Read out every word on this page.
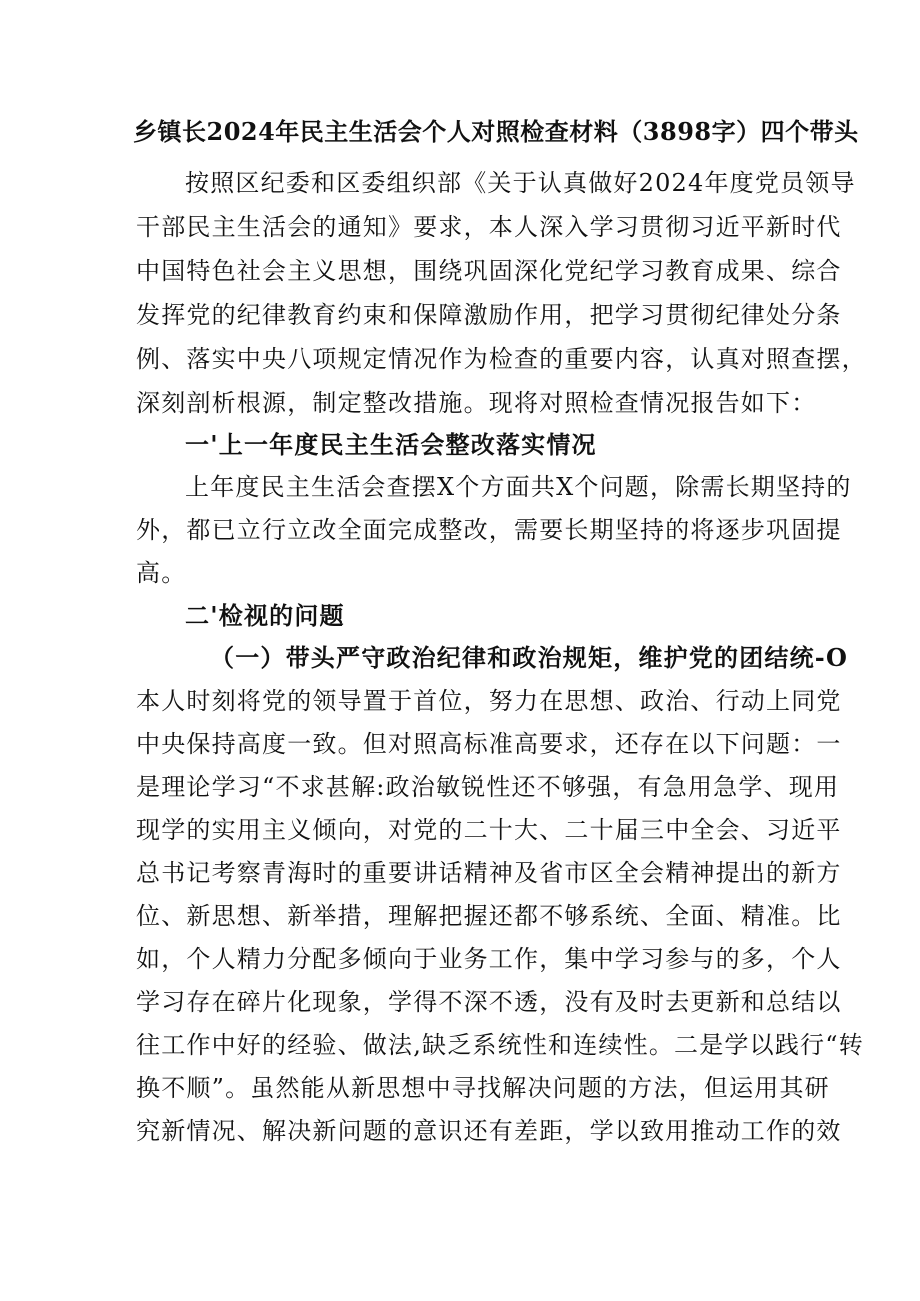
乡镇长2024年民主生活会个人对照检查材料（3898字）四个带头
按照区纪委和区委组织部《关于认真做好2024年度党员领导
干部民主生活会的通知》要求，本人深入学习贯彻习近平新时代
中国特色社会主义思想，围绕巩固深化党纪学习教育成果、综合
发挥党的纪律教育约束和保障激励作用，把学习贯彻纪律处分条
例、落实中央八项规定情况作为检查的重要内容，认真对照查摆，
深刻剖析根源，制定整改措施。现将对照检查情况报告如下：
一'上一年度民主生活会整改落实情况
上年度民主生活会查摆X个方面共X个问题，除需长期坚持的
外，都已立行立改全面完成整改，需要长期坚持的将逐步巩固提
高。
二'检视的问题
（一）带头严守政治纪律和政治规矩，维护党的团结统-O
本人时刻将党的领导置于首位，努力在思想、政治、行动上同党
中央保持高度一致。但对照高标准高要求，还存在以下问题：一
是理论学习“不求甚解:政治敏锐性还不够强，有急用急学、现用
现学的实用主义倾向，对党的二十大、二十届三中全会、习近平
总书记考察青海时的重要讲话精神及省市区全会精神提出的新方
位、新思想、新举措，理解把握还都不够系统、全面、精准。比
如，个人精力分配多倾向于业务工作，集中学习参与的多，个人
学习存在碎片化现象，学得不深不透，没有及时去更新和总结以
往工作中好的经验、做法,缺乏系统性和连续性。二是学以践行“转
换不顺”。虽然能从新思想中寻找解决问题的方法，但运用其研
究新情况、解决新问题的意识还有差距，学以致用推动工作的效
